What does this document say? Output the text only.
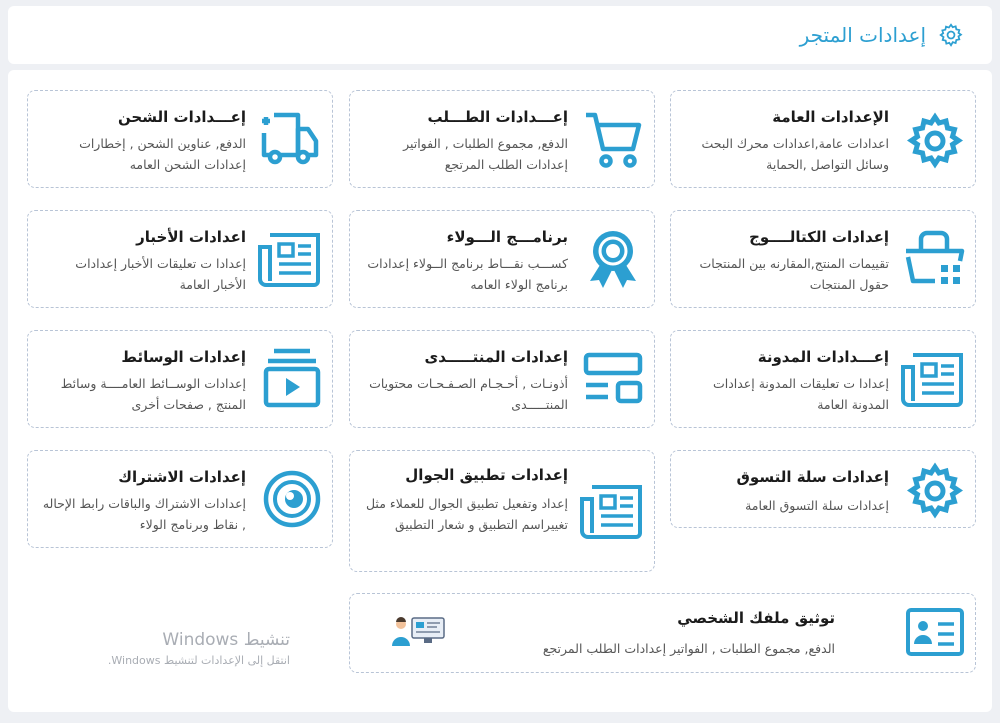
إعدادات المتجر
الإعدادات العامة
اعدادات عامة,اعدادات محرك البحث وسائل التواصل ,الحماية
إعـــدادات الطـــلب
الدفع, مجموع الطلبات , الفواتير إعدادات الطلب المرتجع
إعـــدادات الشحن
الدفع, عناوين الشحن , إخطارات إعدادات الشحن العامه
إعدادات الكتالــــوج
تقييمات المنتج,المقارنه بين المنتجات حقول المنتجات
برنامـــج الـــولاء
كســـب نقـــاط برنامج الــولاء إعدادات برنامج الولاء العامه
اعدادات الأخبار
إعدادا ت تعليقات الأخبار إعدادات الأخبار العامة
إعـــدادات المدونة
إعدادا ت تعليقات المدونة إعدادات المدونة العامة
إعدادات المنتـــــدى
أذونـات , أحـجـام الصـفـحـات محتويات المنتـــــدى
إعدادات الوسائط
إعدادات الوســائط العامــــة وسائط المنتج , صفحات أخرى
إعدادات سلة التسوق
إعدادات سلة التسوق العامة
إعدادات تطبيق الجوال
إعداد وتفعيل تطبيق الجوال للعملاء مثل تغييراسم التطبيق و شعار التطبيق
إعدادات الاشتراك
إعدادات الاشتراك والباقات رابط الإحاله , نقاط وبرنامج الولاء
توثيق ملفك الشخصي
الدفع, مجموع الطلبات , الفواتير إعدادات الطلب المرتجع
تنشيط Windows
انتقل إلى الإعدادات لتنشيط Windows.
